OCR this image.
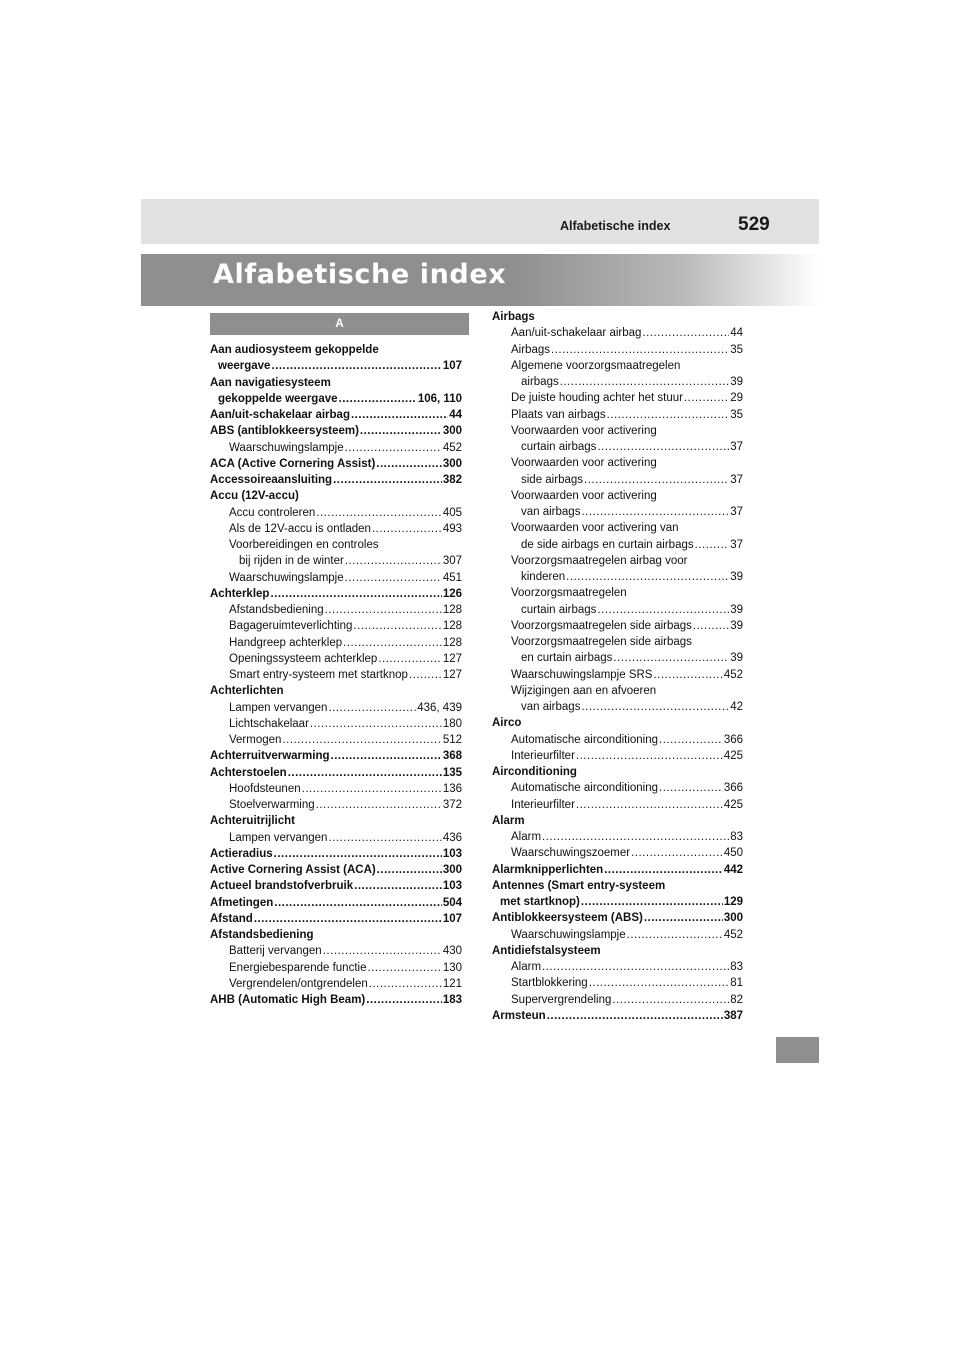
Alfabetische index	529
Alfabetische index
A
Aan audiosysteem gekoppelde
weergave .....	107
Aan navigatiesysteem
gekoppelde weergave .....	106, 110
Aan/uit-schakelaar airbag .....	44
ABS (antiblokkeersysteem) .....	300
Waarschuwingslampje .....	452
ACA (Active Cornering Assist) .....	300
Accessoireaansluiting .....	382
Accu (12V-accu)
Accu controleren .....	405
Als de 12V-accu is ontladen .....	493
Voorbereidingen en controles
bij rijden in de winter .....	307
Waarschuwingslampje .....	451
Achterklep .....	126
Afstandsbediening .....	128
Bagageruimteverlichting .....	128
Handgreep achterklep .....	128
Openingssysteem achterklep .....	127
Smart entry-systeem met startknop .....	127
Achterlichten
Lampen vervangen .....	436, 439
Lichtschakelaar .....	180
Vermogen .....	512
Achterruitverwarming .....	368
Achterstoelen .....	135
Hoofdsteunen .....	136
Stoelverwarming .....	372
Achteruitrijlicht
Lampen vervangen .....	436
Actieradius .....	103
Active Cornering Assist (ACA) .....	300
Actueel brandstofverbruik .....	103
Afmetingen .....	504
Afstand .....	107
Afstandsbediening
Batterij vervangen .....	430
Energiebesparende functie .....	130
Vergrendelen/ontgrendelen .....	121
AHB (Automatic High Beam) .....	183
Airbags
Aan/uit-schakelaar airbag .....	44
Airbags .....	35
Algemene voorzorgsmaatregelen
airbags .....	39
De juiste houding achter het stuur .....	29
Plaats van airbags .....	35
Voorwaarden voor activering
curtain airbags .....	37
Voorwaarden voor activering
side airbags .....	37
Voorwaarden voor activering
van airbags .....	37
Voorwaarden voor activering van
de side airbags en curtain airbags .....	37
Voorzorgsmaatregelen airbag voor
kinderen .....	39
Voorzorgsmaatregelen
curtain airbags .....	39
Voorzorgsmaatregelen side airbags .....	39
Voorzorgsmaatregelen side airbags
en curtain airbags .....	39
Waarschuwingslampje SRS .....	452
Wijzigingen aan en afvoeren
van airbags .....	42
Airco
Automatische airconditioning .....	366
Interieurfilter .....	425
Airconditioning
Automatische airconditioning .....	366
Interieurfilter .....	425
Alarm
Alarm .....	83
Waarschuwingszoemer .....	450
Alarmknipperlichten .....	442
Antennes (Smart entry-systeem
met startknop) .....	129
Antiblokkeersysteem (ABS) .....	300
Waarschuwingslampje .....	452
Antidiefstalsysteem
Alarm .....	83
Startblokkering .....	81
Supervergrendeling .....	82
Armsteun .....	387
